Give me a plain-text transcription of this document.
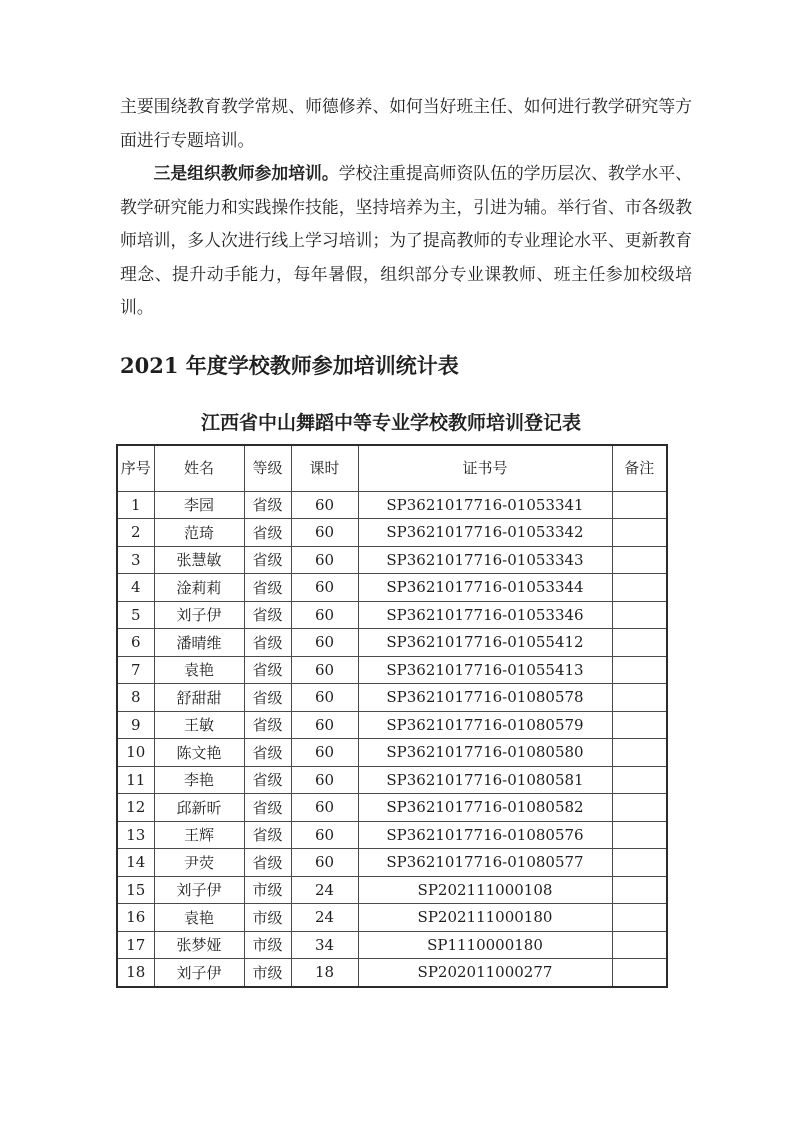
主要围绕教育教学常规、师德修养、如何当好班主任、如何进行教学研究等方面进行专题培训。

三是组织教师参加培训。学校注重提高师资队伍的学历层次、教学水平、教学研究能力和实践操作技能，坚持培养为主，引进为辅。举行省、市各级教师培训，多人次进行线上学习培训；为了提高教师的专业理论水平、更新教育理念、提升动手能力，每年暑假，组织部分专业课教师、班主任参加校级培训。

2021 年度学校教师参加培训统计表
江西省中山舞蹈中等专业学校教师培训登记表
序号	姓名	等级	课时	证书号	备注
1	李园	省级	60	SP3621017716-01053341	
2	范琦	省级	60	SP3621017716-01053342	
3	张慧敏	省级	60	SP3621017716-01053343	
4	淦莉莉	省级	60	SP3621017716-01053344	
5	刘子伊	省级	60	SP3621017716-01053346	
6	潘晴维	省级	60	SP3621017716-01055412	
7	袁艳	省级	60	SP3621017716-01055413	
8	舒甜甜	省级	60	SP3621017716-01080578	
9	王敏	省级	60	SP3621017716-01080579	
10	陈文艳	省级	60	SP3621017716-01080580	
11	李艳	省级	60	SP3621017716-01080581	
12	邱新昕	省级	60	SP3621017716-01080582	
13	王辉	省级	60	SP3621017716-01080576	
14	尹荧	省级	60	SP3621017716-01080577	
15	刘子伊	市级	24	SP202111000108	
16	袁艳	市级	24	SP202111000180	
17	张梦娅	市级	34	SP1110000180	
18	刘子伊	市级	18	SP202011000277	
